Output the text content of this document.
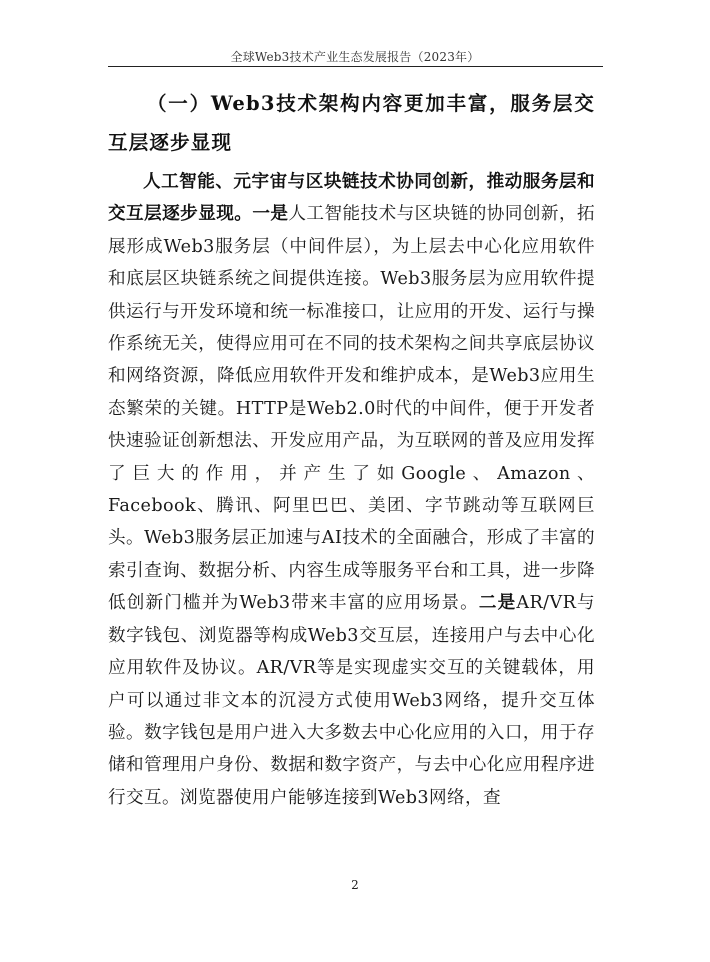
全球Web3技术产业生态发展报告（2023年）
（一）Web3技术架构内容更加丰富，服务层交互层逐步显现

人工智能、元宇宙与区块链技术协同创新，推动服务层和交互层逐步显现。一是人工智能技术与区块链的协同创新，拓展形成Web3服务层（中间件层），为上层去中心化应用软件和底层区块链系统之间提供连接。Web3服务层为应用软件提供运行与开发环境和统一标准接口，让应用的开发、运行与操作系统无关，使得应用可在不同的技术架构之间共享底层协议和网络资源，降低应用软件开发和维护成本，是Web3应用生态繁荣的关键。HTTP是Web2.0时代的中间件，便于开发者快速验证创新想法、开发应用产品，为互联网的普及应用发挥了巨大的作用，并产生了如Google、Amazon、Facebook、腾讯、阿里巴巴、美团、字节跳动等互联网巨头。Web3服务层正加速与AI技术的全面融合，形成了丰富的索引查询、数据分析、内容生成等服务平台和工具，进一步降低创新门槛并为Web3带来丰富的应用场景。二是AR/VR与数字钱包、浏览器等构成Web3交互层，连接用户与去中心化应用软件及协议。AR/VR等是实现虚实交互的关键载体，用户可以通过非文本的沉浸方式使用Web3网络，提升交互体验。数字钱包是用户进入大多数去中心化应用的入口，用于存储和管理用户身份、数据和数字资产，与去中心化应用程序进行交互。浏览器使用户能够连接到Web3网络，查

2
